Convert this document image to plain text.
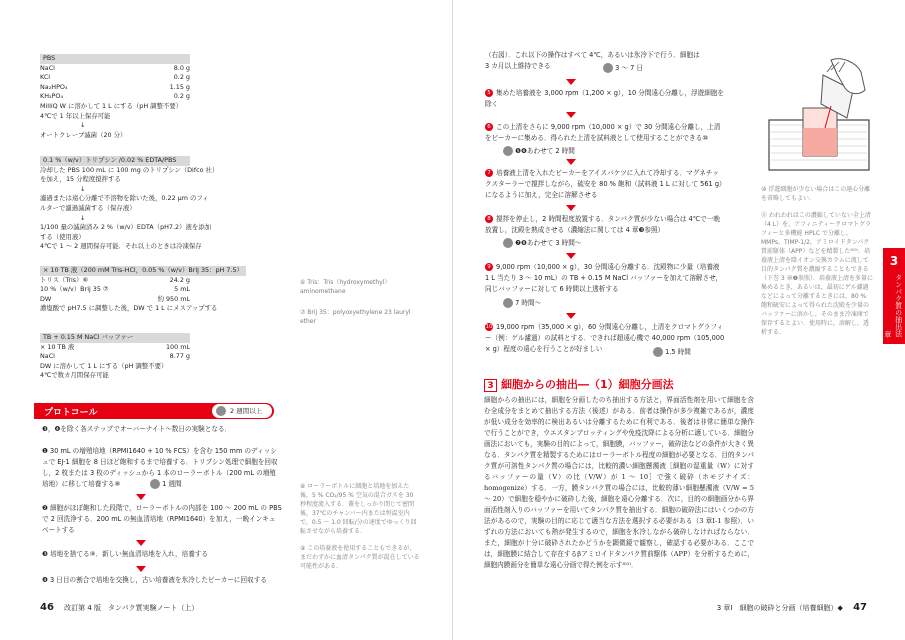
PBS
NaCl	8.0 g
KCl	0.2 g
Na₂HPO₄	1.15 g
KH₂PO₄	0.2 g
MilliQ W に溶かして 1 L にする（pH 調整不要）
4℃で 1 年以上保存可能
↓
オートクレーブ滅菌（20 分）
0.1 %（w/v）トリプシン /0.02 % EDTA/PBS
冷却した PBS 100 mL に 100 mg のトリプシン（Difco 社）
を加え，15 分程度撹拌する
↓
濾過または遠心分離で不溶物を除いた後，0.22 μm のフィ
ルターで濾過滅菌する（保存液）
↓
1/100 量の滅菌済み 2 %（w/v）EDTA（pH7.2）液を添加
する（使用液）
4℃で 1 〜 2 週間保存可能．それ以上のときは冷凍保存
× 10 TB 液（200 mM Tris-HCl，0.05 %（w/v）Brij 35：pH 7.5）
トリス（Tris）⑥	24.2 g
10 %（w/v）Brij 35 ⑦	5 mL
DW	約 950 mL
濃塩酸で pH7.5 に調整した後，DW で 1 L にメスアップする
TB + 0.15 M NaCl バッファー
× 10 TB 液	100 mL
NaCl	8.77 g
DW に溶かして 1 L にする（pH 調整不要）
4℃で数カ月間保存可能
⑥ Tris：Tris（hydroxymethyl）aminomethane
⑦ Brij 35：polyoxyethylene 23 lauryl ether
プロトコール	2 週間以上
❸，❹を除く各ステップでオーバーナイト〜数日の実験となる．
❶ 30 mL の増殖培地（RPMI1640 + 10 % FCS）を含む 150 mm のディッシュで EJ-1 細胞を 8 日ほど飽和するまで培養する．トリプシン処理で細胞を回収し，2 枚または 3 枚のディッシュから 1 本のローラーボトル（200 mL の増殖培地）に移して培養する⑧	1 週間
❷ 細胞がほぼ飽和した段階で，ローラーボトルの内部を 100 〜 200 mL の PBS で 2 回洗浄する．200 mL の無血清培地（RPMI1640）を加え，一晩インキュベートする
❸ 培地を捨てる⑨．新しい無血清培地を入れ，培養する
❹ 3 日目の割合で培地を交換し，古い培養液を氷冷したビーカーに回収する
⑧ ローラーボトルに細胞と培地を加えた後，5 % CO₂/95 % 空気の混合ガスを 30 秒程度流入する．蓋をしっかり閉じて密閉後，37℃のチャンバー内または恒温室内で，0.5 〜 1.0 回転/分の速度でゆっくり回転させながら培養する．
⑨ この培養液を使用することもできるが，まだわずかに血清タンパク質が混在している可能性がある．
46 改訂第 4 版　タンパク質実験ノート（上）
（右図）．これ以下の操作はすべて 4℃，あるいは氷冷下で行う．細胞は 3 カ月以上維持できる	3 〜 7 日
5 集めた培養液を 3,000 rpm（1,200 × g），10 分間遠心分離し，浮遊細胞を除く
6 この上清をさらに 9,000 rpm（10,000 × g）で 30 分間遠心分離し，上清をビーカーに集める．得られた上清を試料液として使用することができる⑩
❺❻あわせて 2 時間
7 培養液上清を入れたビーカーをアイスバケツに入れて冷却する．マグネチックスターラーで撹拌しながら，硫安を 80 % 飽和（試料液 1 L に対して 561 g）になるように加え，完全に溶解させる
8 撹拌を停止し，2 時間程度放置する．タンパク質が少ない場合は 4℃で一晩放置し，沈殿を熟成させる（濃縮法に関しては 4 章❸参照）
❼❽あわせて 3 時間〜
9 9,000 rpm（10,000 × g），30 分間遠心分離する．沈殿物に少量（培養液 1 L 当たり 3 〜 10 mL）の TB + 0.15 M NaCl バッファーを加えて溶解させ，同じバッファーに対して 6 時間以上透析する
7 時間〜
10 19,000 rpm（35,000 × g），60 分間遠心分離し，上清をクロマトグラフィー（例：ゲル濾過）の試料とする．できれば超遠心機で 40,000 rpm（105,000 × g）程度の遠心を行うことが好ましい	1.5 時間
⑩ 浮遊細胞が少ない場合はこの遠心分離を省略してもよい．
⑪ われわれはこの濃縮していない全上清（4 L）を，アフィニティークロマトグラフィーと多機能 HPLC で分離し，MMPs，TIMP-1/2，アミロイドタンパク質前駆体（APP）などを精製した⁸⁾⁹⁾．培養液上清を陰イオン交換カラムに流して目的タンパク質を濃縮することもできる（下巻 3 章❷参照）．培養液上清を多量に集めるとき，あるいは，最初にゲル濾過などによって分離するときには，80 % 飽和硫安によって得られた沈殿を少量のバッファーに溶かし，そのまま冷凍庫で保存するとよい．使用時に，溶解し，透析する．
3
章 タンパク質の抽出法
3 細胞からの抽出―（1）細胞分画法
細胞からの抽出には，細胞を分画したのち抽出する方法と，界面活性剤を用いて細胞を含む全成分をまとめて抽出する方法（後述）がある．前者は操作が多少複雑であるが，濃度が低い成分を効率的に検出あるいは分離するために有利である．後者は非常に簡単な操作で行うことができ，ウエスタンブロッティングや免疫沈降による分析に適している．細胞分画法においても，実験の目的によって，細胞膜，バッファー，破砕法などの条件が大きく異なる．タンパク質を精製するためにはローラーボトル程度の細胞が必要となる．目的タンパク質が可溶性タンパク質の場合には，比較的濃い細胞懸濁液［細胞の湿重量（W）に対するバッファーの量（V）の比（V/W）が 1 〜 10］で強く破砕（ホモジナイズ：homogenize）する．一方，膜タンパク質の場合には，比較的薄い細胞懸濁液（V/W = 5 〜 20）で細胞を穏やかに破砕した後，細胞を遠心分離する．次に，目的の細胞画分から界面活性剤入りのバッファーを用いてタンパク質を抽出する．細胞の破砕法にはいくつかの方法があるので，実験の目的に応じて適当な方法を選択する必要がある（3 章Ⅰ-1 参照）．いずれの方法においても熱が発生するので，細胞を氷冷しながら破砕しなければならない．また，細胞が十分に破砕されたかどうかを顕微鏡で観察し，確認する必要がある．ここでは，細胞膜に結合して存在するβアミロイドタンパク質前駆体（APP）を分析するために，細胞内膜画分を簡単な遠心分画で得た例を示す⁸⁾¹⁾．
3 章Ⅰ　細胞の破砕と分画（培養細胞）◆ 47
